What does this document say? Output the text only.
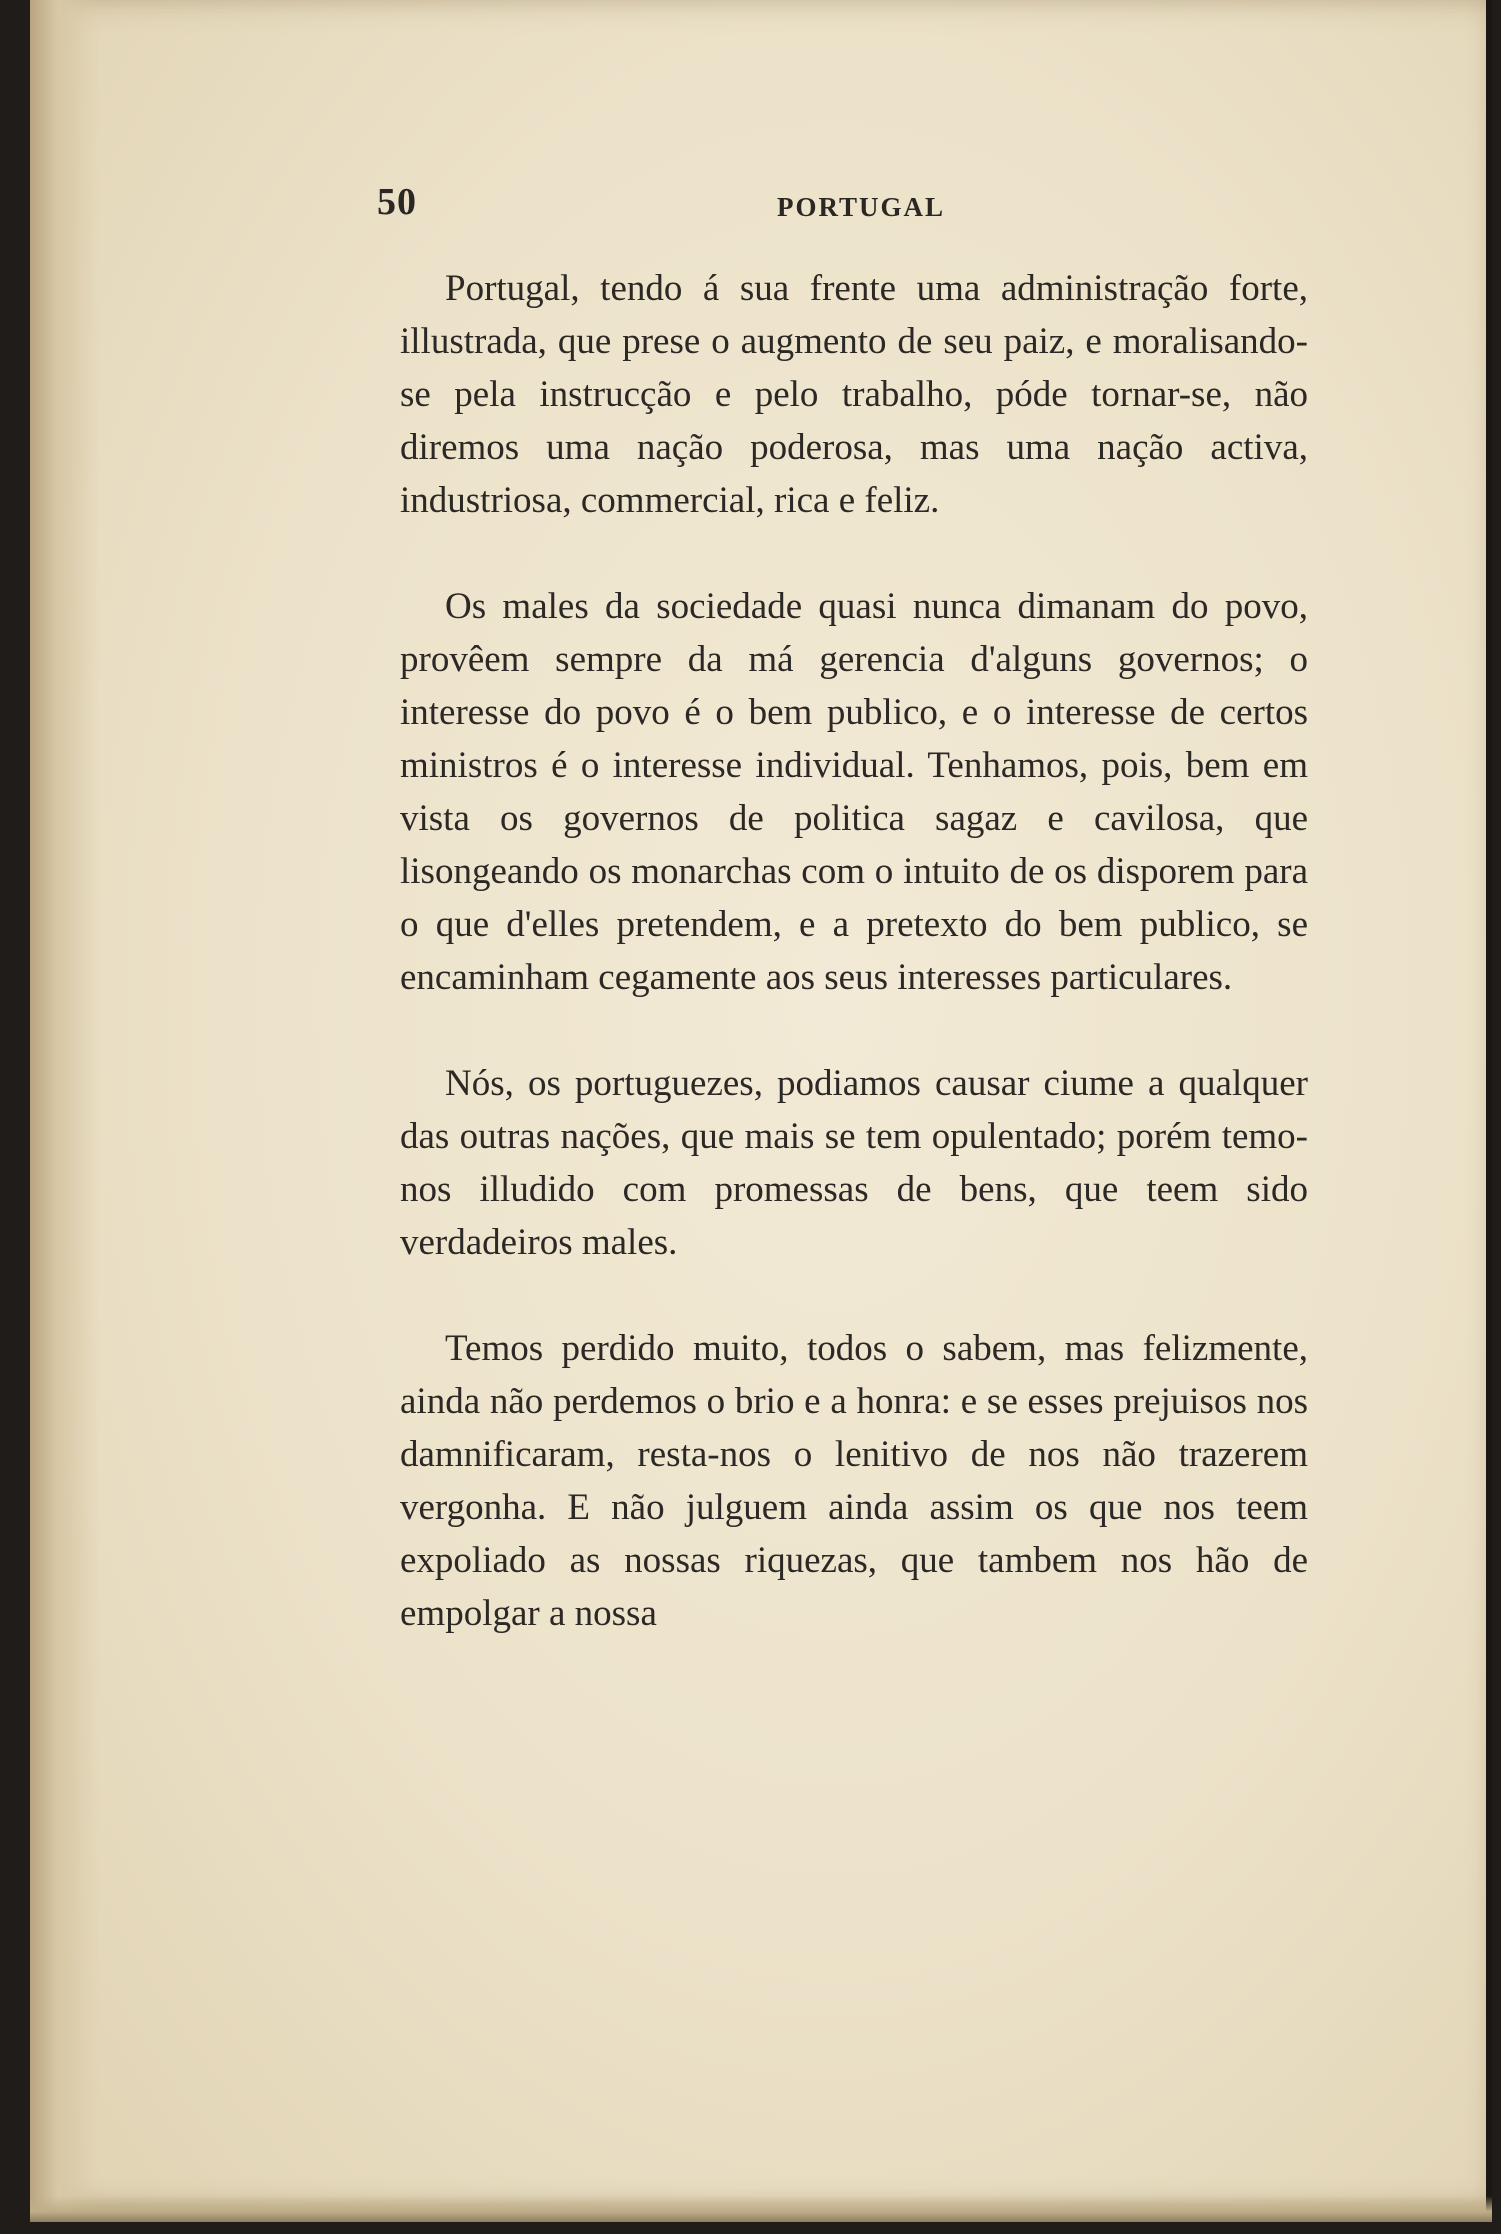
50	PORTUGAL

Portugal, tendo á sua frente uma administração forte, illustrada, que prese o augmento de seu paiz, e moralisando-se pela instrucção e pelo trabalho, póde tornar-se, não diremos uma nação poderosa, mas uma nação activa, industriosa, commercial, rica e feliz.

Os males da sociedade quasi nunca dimanam do povo, provêem sempre da má gerencia d'alguns governos; o interesse do povo é o bem publico, e o interesse de certos ministros é o interesse individual. Tenhamos, pois, bem em vista os governos de politica sagaz e cavilosa, que lisongeando os monarchas com o intuito de os disporem para o que d'elles pretendem, e a pretexto do bem publico, se encaminham cegamente aos seus interesses particulares.

Nós, os portuguezes, podiamos causar ciume a qualquer das outras nações, que mais se tem opulentado; porém temo-nos illudido com promessas de bens, que teem sido verdadeiros males.

Temos perdido muito, todos o sabem, mas felizmente, ainda não perdemos o brio e a honra: e se esses prejuisos nos damnificaram, resta-nos o lenitivo de nos não trazerem vergonha. E não julguem ainda assim os que nos teem expoliado as nossas riquezas, que tambem nos hão de empolgar a nossa
